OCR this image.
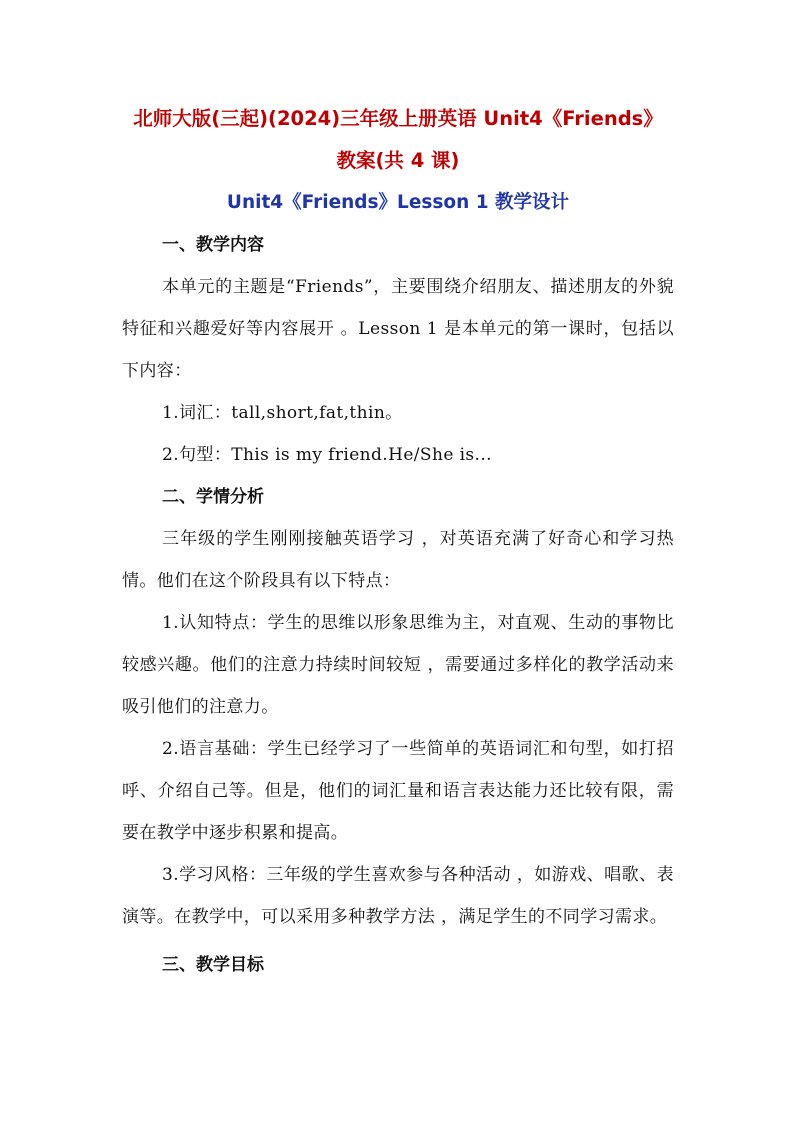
北师大版(三起)(2024)三年级上册英语 Unit4《Friends》

教案(共 4 课)

Unit4《Friends》Lesson 1 教学设计

一、教学内容

本单元的主题是“Friends”，主要围绕介绍朋友、描述朋友的外貌特征和兴趣爱好等内容展开 。Lesson 1 是本单元的第一课时，包括以下内容：

1.词汇：tall,short,fat,thin。

2.句型：This is my friend.He/She is...

二、学情分析

三年级的学生刚刚接触英语学习 ，对英语充满了好奇心和学习热情。他们在这个阶段具有以下特点：

1.认知特点：学生的思维以形象思维为主，对直观、生动的事物比较感兴趣。他们的注意力持续时间较短 ，需要通过多样化的教学活动来吸引他们的注意力。

2.语言基础：学生已经学习了一些简单的英语词汇和句型，如打招呼、介绍自己等。但是，他们的词汇量和语言表达能力还比较有限，需要在教学中逐步积累和提高。

3.学习风格：三年级的学生喜欢参与各种活动 ，如游戏、唱歌、表演等。在教学中，可以采用多种教学方法 ，满足学生的不同学习需求。

三、教学目标
